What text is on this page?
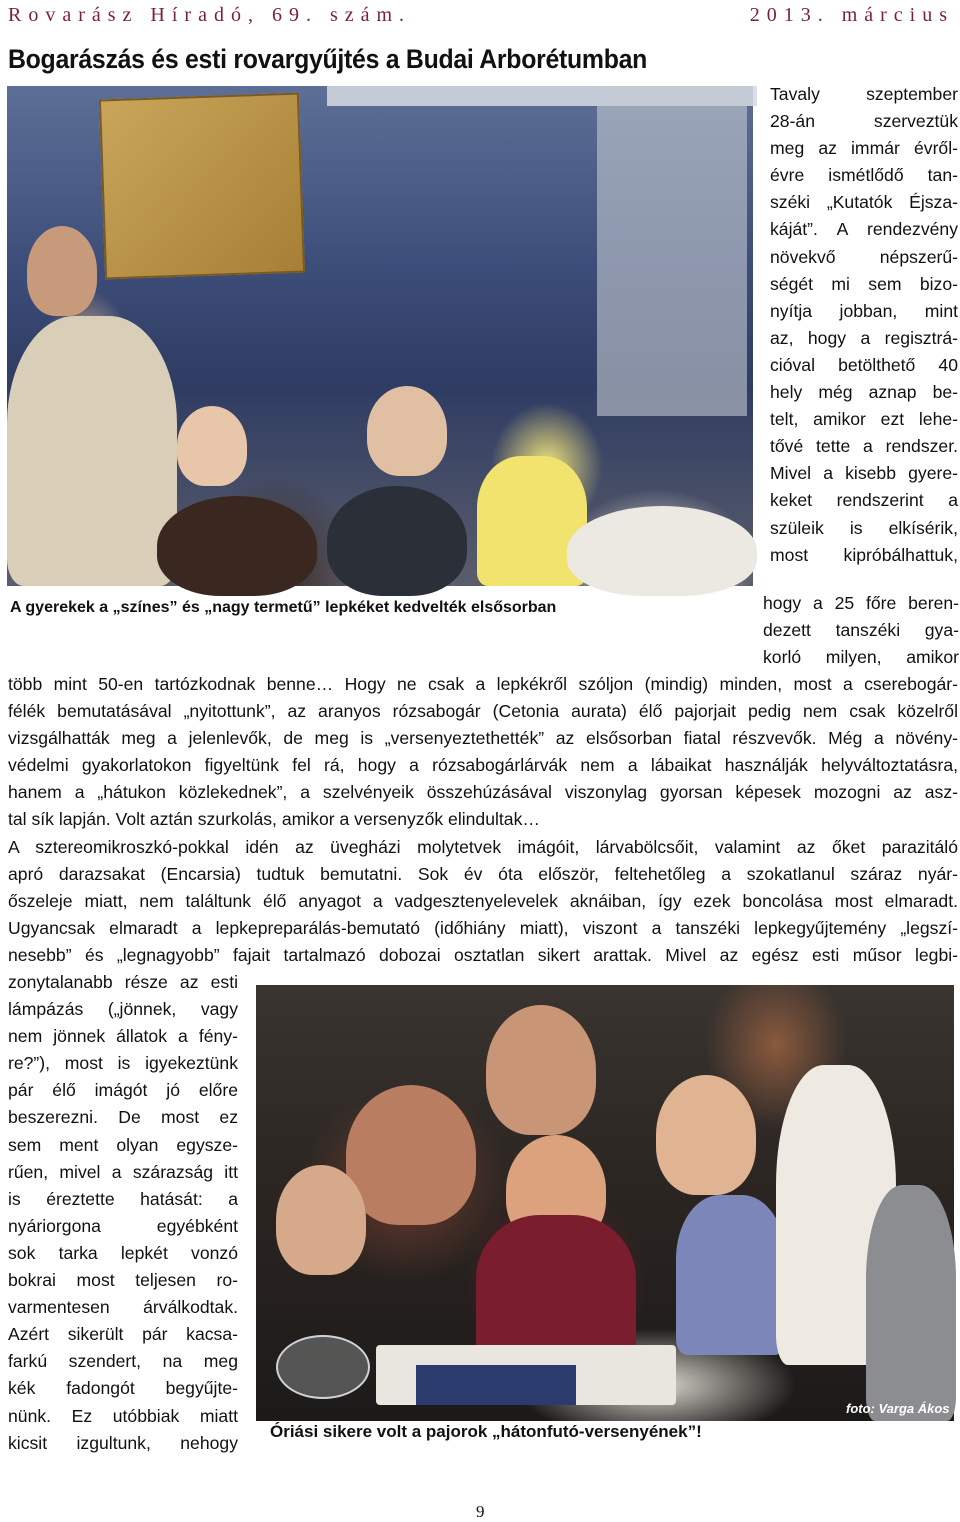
Rovarász Híradó, 69. szám.	2013. március
Bogarászás és esti rovargyűjtés a Budai Arborétumban
foto: Varga Ákos
A gyerekek a „színes” és „nagy termetű” lepkéket kedvelték elsősorban
Tavaly szeptember
28-án szerveztük
meg az immár évről-
évre ismétlődő tan-
széki „Kutatók Éjsza-
káját”. A rendezvény
növekvő népszerű-
ségét mi sem bizo-
nyítja jobban, mint
az, hogy a regisztrá-
cióval betölthető 40
hely még aznap be-
telt, amikor ezt lehe-
tővé tette a rendszer.
Mivel a kisebb gyere-
keket rendszerint a
szüleik is elkísérik,
most kipróbálhattuk,
hogy a 25 főre beren-
dezett tanszéki gya-
korló milyen, amikor
több mint 50-en tartózkodnak benne… Hogy ne csak a lepkékről szóljon (mindig) minden, most a cserebogár-
félék bemutatásával „nyitottunk”, az aranyos rózsabogár (Cetonia aurata) élő pajorjait pedig nem csak közelről
vizsgálhatták meg a jelenlevők, de meg is „versenyeztethették” az elsősorban fiatal részvevők. Még a növény-
védelmi gyakorlatokon figyeltünk fel rá, hogy a rózsabogárlárvák nem a lábaikat használják helyváltoztatásra,
hanem a „hátukon közlekednek”, a szelvényeik összehúzásával viszonylag gyorsan képesek mozogni az asz-
tal sík lapján. Volt aztán szurkolás, amikor a versenyzők elindultak…
A sztereomikroszkó-pokkal idén az üvegházi molytetvek imágóit, lárvabölcsőit, valamint az őket parazitáló
apró darazsakat (Encarsia) tudtuk bemutatni. Sok év óta először, feltehetőleg a szokatlanul száraz nyár-
őszeleje miatt, nem találtunk élő anyagot a vadgesztenyelevelek aknáiban, így ezek boncolása most elmaradt.
Ugyancsak elmaradt a lepkepreparálás-bemutató (időhiány miatt), viszont a tanszéki lepkegyűjtemény „legszí-
nesebb” és „legnagyobb” fajait tartalmazó dobozai osztatlan sikert arattak. Mivel az egész esti műsor legbi-
zonytalanabb része az esti
lámpázás („jönnek, vagy
nem jönnek állatok a fény-
re?”), most is igyekeztünk
pár élő imágót jó előre
beszerezni. De most ez
sem ment olyan egysze-
rűen, mivel a szárazság itt
is éreztette hatását: a
nyáriorgona egyébként
sok tarka lepkét vonzó
bokrai most teljesen ro-
varmentesen árválkodtak.
Azért sikerült pár kacsa-
farkú szendert, na meg
kék fadongót begyűjte-
nünk. Ez utóbbiak miatt
kicsit izgultunk, nehogy
foto: Varga Ákos
Óriási sikere volt a pajorok „hátonfutó-versenyének”!
9
